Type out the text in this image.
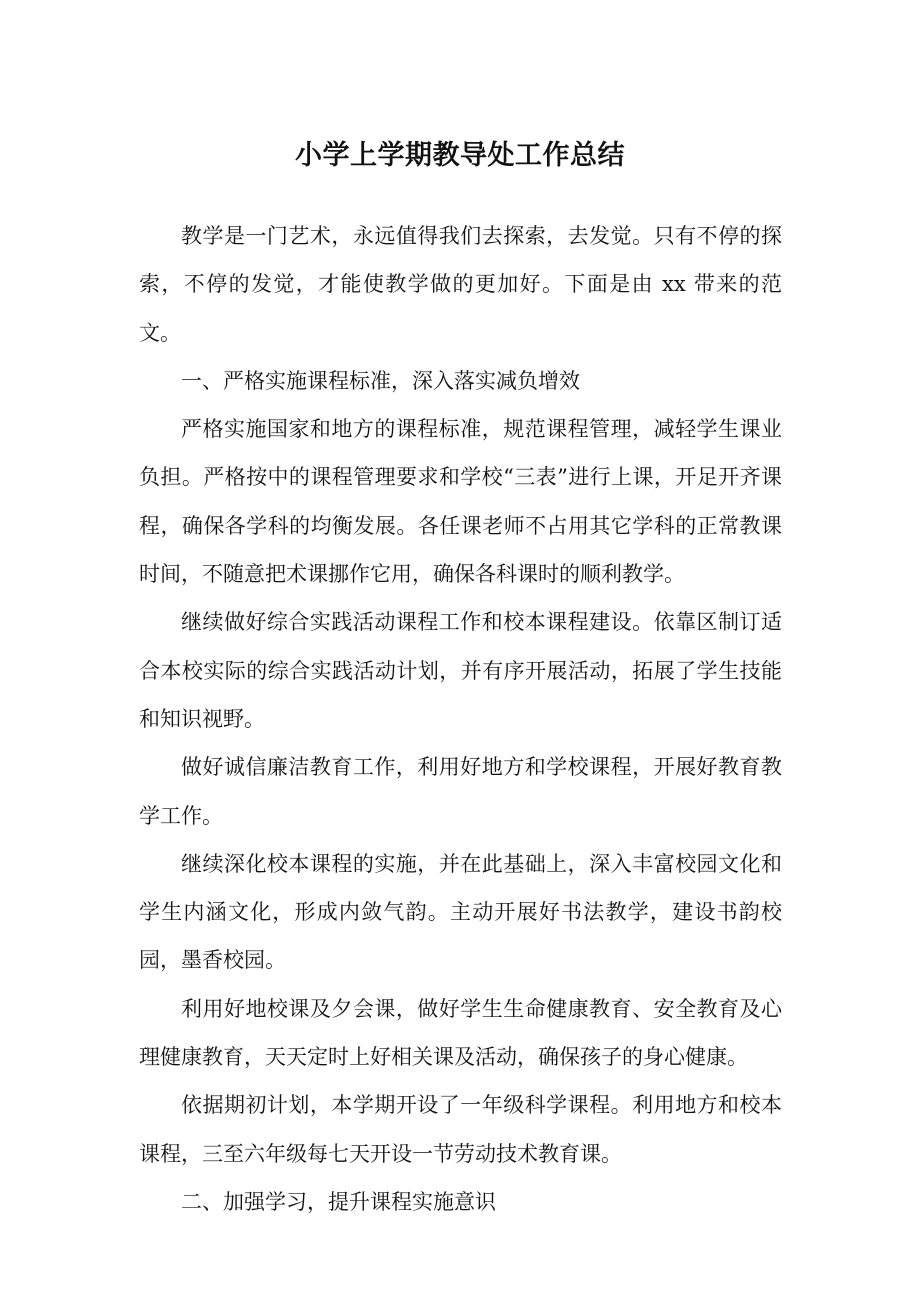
小学上学期教导处工作总结

教学是一门艺术，永远值得我们去探索，去发觉。只有不停的探索，不停的发觉，才能使教学做的更加好。下面是由 xx 带来的范文。

一、严格实施课程标准，深入落实减负增效

严格实施国家和地方的课程标准，规范课程管理，减轻学生课业负担。严格按中的课程管理要求和学校“三表”进行上课，开足开齐课程，确保各学科的均衡发展。各任课老师不占用其它学科的正常教课时间，不随意把术课挪作它用，确保各科课时的顺利教学。

继续做好综合实践活动课程工作和校本课程建设。依靠区制订适合本校实际的综合实践活动计划，并有序开展活动，拓展了学生技能和知识视野。

做好诚信廉洁教育工作，利用好地方和学校课程，开展好教育教学工作。

继续深化校本课程的实施，并在此基础上，深入丰富校园文化和学生内涵文化，形成内敛气韵。主动开展好书法教学，建设书韵校园，墨香校园。

利用好地校课及夕会课，做好学生生命健康教育、安全教育及心理健康教育，天天定时上好相关课及活动，确保孩子的身心健康。

依据期初计划，本学期开设了一年级科学课程。利用地方和校本课程，三至六年级每七天开设一节劳动技术教育课。

二、加强学习，提升课程实施意识
